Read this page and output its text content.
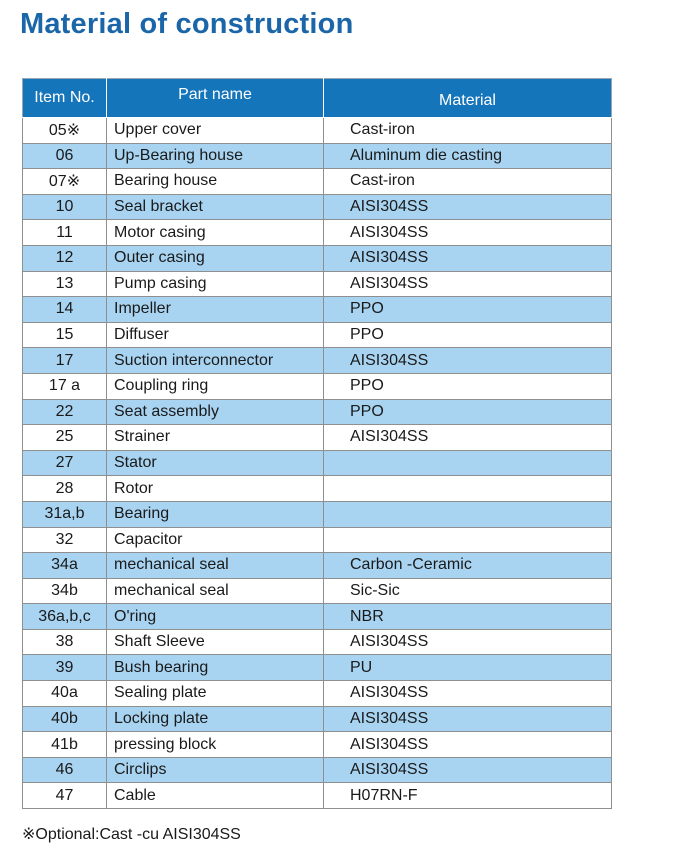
Material of construction
Item No.	Part name	Material

05※	Upper cover	Cast-iron
06	Up-Bearing house	Aluminum die casting
07※	Bearing house	Cast-iron
10	Seal bracket	AISI304SS
11	Motor casing	AISI304SS
12	Outer casing	AISI304SS
13	Pump casing	AISI304SS
14	Impeller	PPO
15	Diffuser	PPO
17	Suction interconnector	AISI304SS
17 a	Coupling ring	PPO
22	Seat assembly	PPO
25	Strainer	AISI304SS
27	Stator	
28	Rotor	
31a,b	Bearing	
32	Capacitor	
34a	mechanical seal	Carbon -Ceramic
34b	mechanical seal	Sic-Sic
36a,b,c	O'ring	NBR
38	Shaft Sleeve	AISI304SS
39	Bush bearing	PU
40a	Sealing plate	AISI304SS
40b	Locking plate	AISI304SS
41b	pressing block	AISI304SS
46	Circlips	AISI304SS
47	Cable	H07RN-F
※Optional:Cast -cu AISI304SS
